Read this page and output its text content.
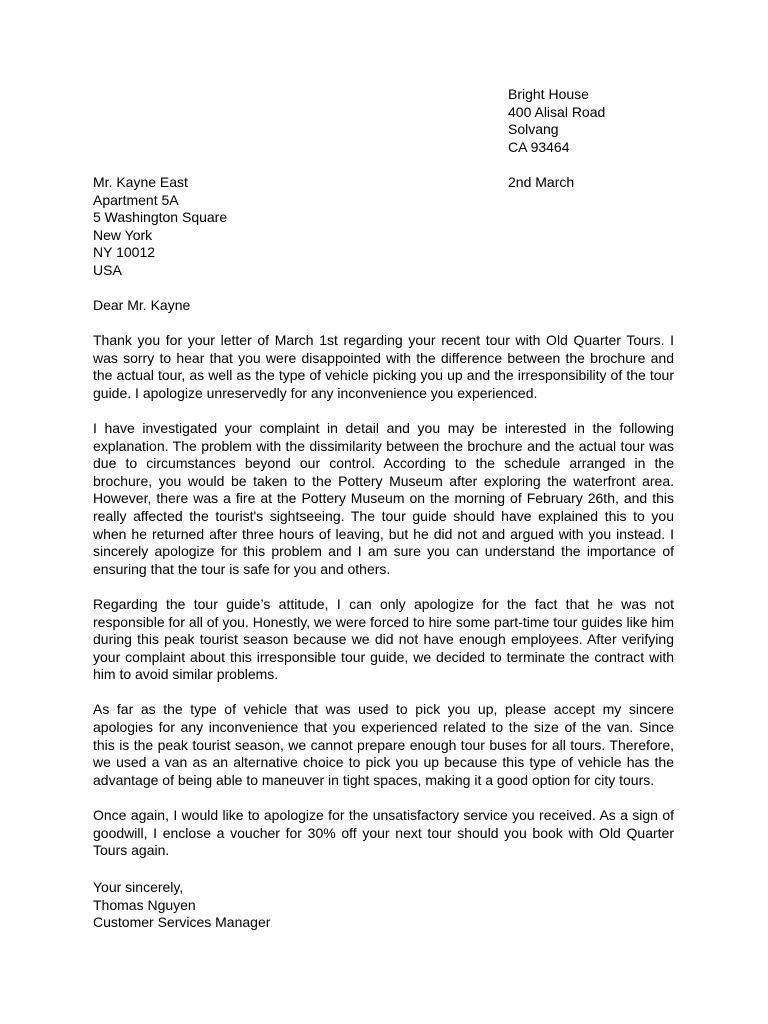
Bright House
400 Alisal Road
Solvang
CA 93464
2nd March
Mr. Kayne East
Apartment 5A
5 Washington Square
New York
NY 10012
USA
Dear Mr. Kayne

Thank you for your letter of March 1st regarding your recent tour with Old Quarter Tours. I was sorry to hear that you were disappointed with the difference between the brochure and the actual tour, as well as the type of vehicle picking you up and the irresponsibility of the tour guide. I apologize unreservedly for any inconvenience you experienced.

I have investigated your complaint in detail and you may be interested in the following explanation. The problem with the dissimilarity between the brochure and the actual tour was due to circumstances beyond our control. According to the schedule arranged in the brochure, you would be taken to the Pottery Museum after exploring the waterfront area. However, there was a fire at the Pottery Museum on the morning of February 26th, and this really affected the tourist's sightseeing. The tour guide should have explained this to you when he returned after three hours of leaving, but he did not and argued with you instead. I sincerely apologize for this problem and I am sure you can understand the importance of ensuring that the tour is safe for you and others.

Regarding the tour guide’s attitude, I can only apologize for the fact that he was not responsible for all of you. Honestly, we were forced to hire some part-time tour guides like him during this peak tourist season because we did not have enough employees. After verifying your complaint about this irresponsible tour guide, we decided to terminate the contract with him to avoid similar problems.

As far as the type of vehicle that was used to pick you up, please accept my sincere apologies for any inconvenience that you experienced related to the size of the van. Since this is the peak tourist season, we cannot prepare enough tour buses for all tours. Therefore, we used a van as an alternative choice to pick you up because this type of vehicle has the advantage of being able to maneuver in tight spaces, making it a good option for city tours.

Once again, I would like to apologize for the unsatisfactory service you received. As a sign of goodwill, I enclose a voucher for 30% off your next tour should you book with Old Quarter Tours again.

Your sincerely,
Thomas Nguyen
Customer Services Manager
